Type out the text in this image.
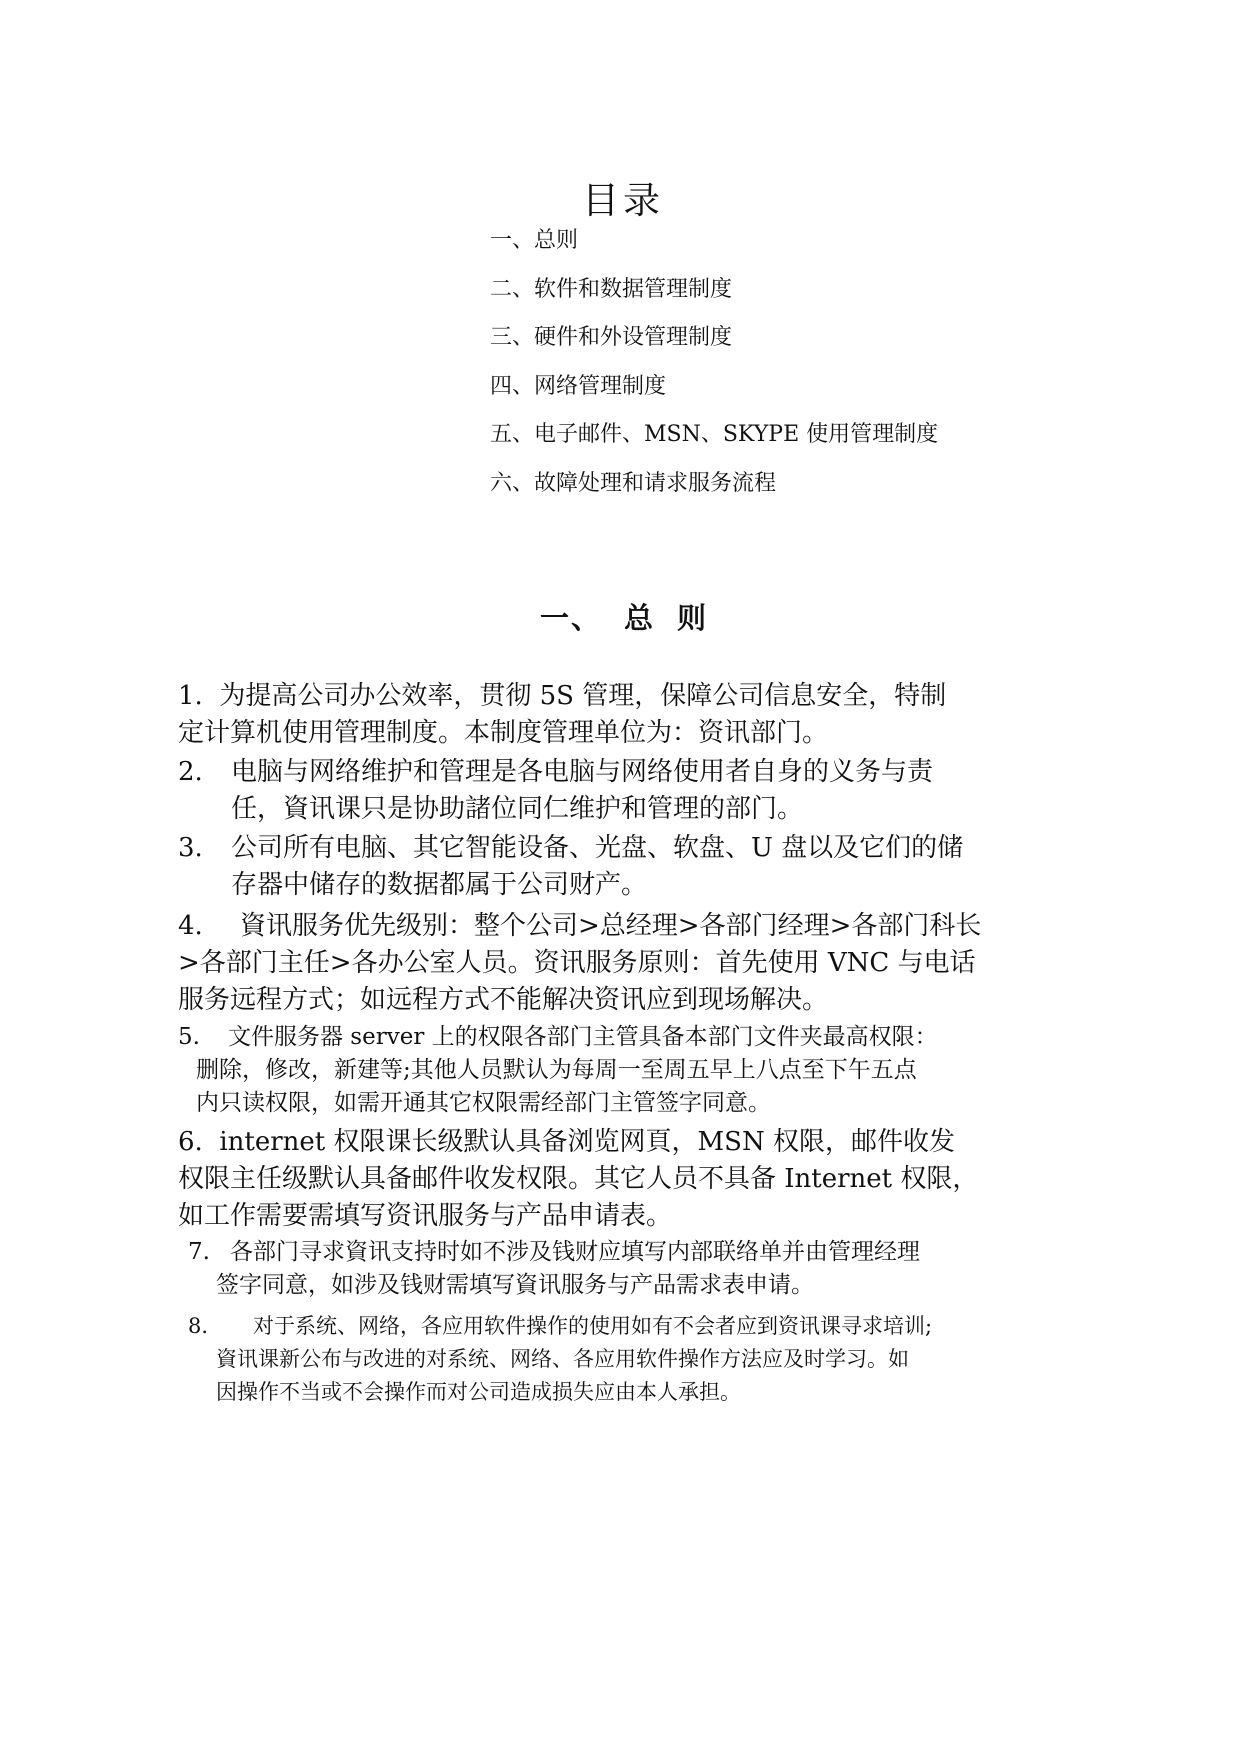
目录
一、总则
二、软件和数据管理制度
三、硬件和外设管理制度
四、网络管理制度
五、电子邮件、MSN、SKYPE 使用管理制度
六、故障处理和请求服务流程
一、 总 则
1. 为提高公司办公效率，贯彻 5S 管理，保障公司信息安全，特制
定计算机使用管理制度。本制度管理单位为：资讯部门。
2. 电脑与网络维护和管理是各电脑与网络使用者自身的义务与责
任，資讯课只是协助諸位同仁维护和管理的部门。
3. 公司所有电脑、其它智能设备、光盘、软盘、U 盘以及它们的储
存器中储存的数据都属于公司财产。
4. 資讯服务优先级别：整个公司>总经理>各部门经理>各部门科长
>各部门主任>各办公室人员。资讯服务原则：首先使用 VNC 与电话
服务远程方式；如远程方式不能解决资讯应到现场解决。
5. 文件服务器 server 上的权限各部门主管具备本部门文件夹最高权限：
删除，修改，新建等;其他人员默认为每周一至周五早上八点至下午五点
内只读权限，如需开通其它权限需经部门主管签字同意。
6. internet 权限课长级默认具备浏览网頁，MSN 权限，邮件收发
权限主任级默认具备邮件收发权限。其它人员不具备 Internet 权限，
如工作需要需填写资讯服务与产品申请表。
7. 各部门寻求資讯支持时如不涉及钱财应填写内部联络单并由管理经理
签字同意，如涉及钱财需填写資讯服务与产品需求表申请。
8． 对于系统、网络，各应用软件操作的使用如有不会者应到资讯课寻求培训;
資讯课新公布与改进的对系统、网络、各应用软件操作方法应及时学习。如
因操作不当或不会操作而对公司造成损失应由本人承担。
